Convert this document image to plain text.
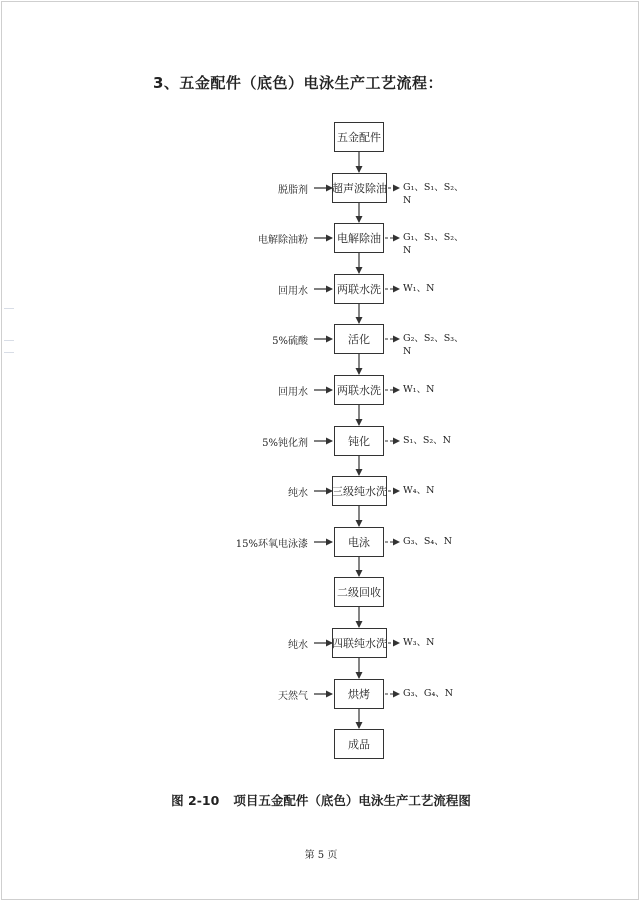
3、五金配件（底色）电泳生产工艺流程：
五金配件
超声波除油
电解除油
两联水洗
活化
两联水洗
钝化
三级纯水洗
电泳
二级回收
四联纯水洗
烘烤
成品
脱脂剂
电解除油粉
回用水
5%硫酸
回用水
5%钝化剂
纯水
15%环氧电泳漆
纯水
天然气
G₁、S₁、S₂、
N
G₁、S₁、S₂、
N
W₁、N
G₂、S₂、S₃、
N
W₁、N
S₁、S₂、N
W₄、N
G₃、S₄、N
W₃、N
G₃、G₄、N
图 2-10 项目五金配件（底色）电泳生产工艺流程图
第 5 页
